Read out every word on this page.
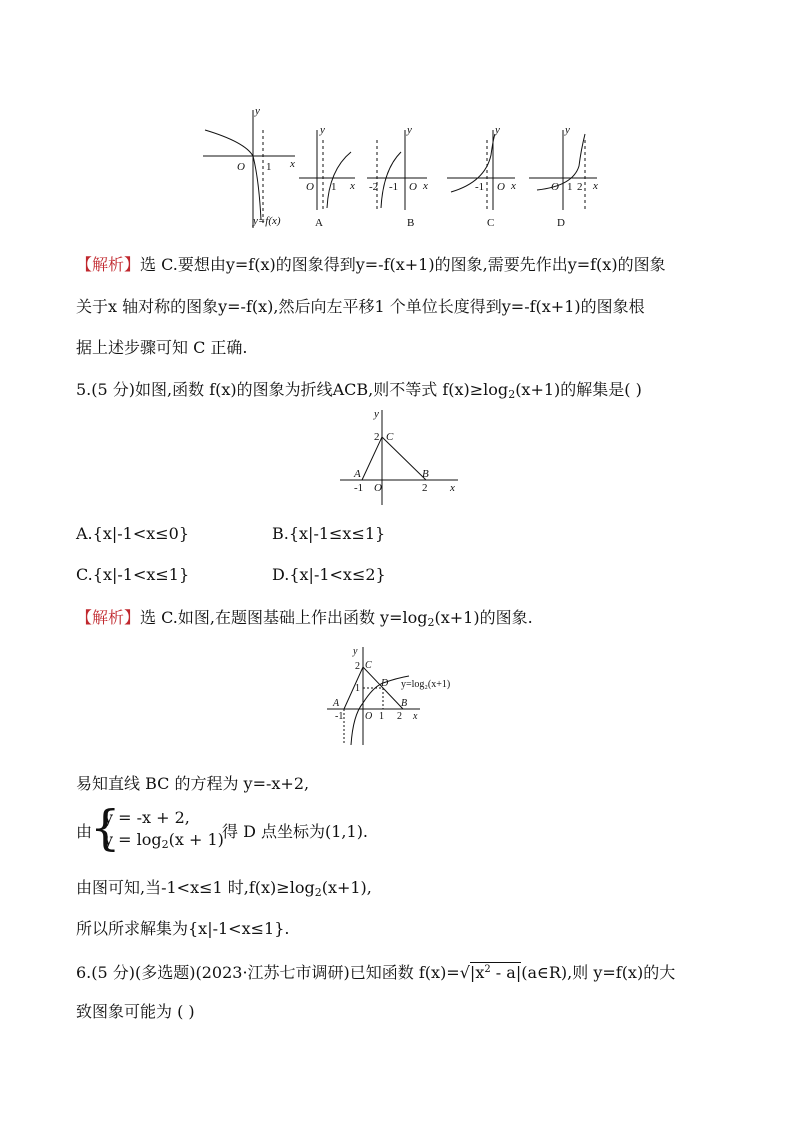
y
x
O
y=f(x)
y
x
y
x
y
x
y
x
1
O 1	-2 -1 O	-1 O	O 1 2
A	B	C	D
【解析】选 C.要想由y=f(x)的图象得到y=-f(x+1)的图象,需要先作出y=f(x)的图象
关于x 轴对称的图象y=-f(x),然后向左平移1 个单位长度得到y=-f(x+1)的图象根
据上述步骤可知 C 正确.
5.(5 分)如图,函数 f(x)的图象为折线ACB,则不等式 $f(x)\ge\log_2(x+1)$的解集是( )
y
x
O
A	B
C
2
-1	2
A.{x|-1<x≤0}	B.{x|-1≤x≤1}
C.{x|-1<x≤1}	D.{x|-1<x≤2}
【解析】选 C.如图,在题图基础上作出函数 $y=\log_2(x+1)$的图象.
y
x
O
A	B
C
D
2
1
-1	1 2
y=log₂(x+1)
易知直线 BC 的方程为 y=-x+2,
由
{
y = -x + 2,
$y = \log_2(x + 1)$
得 D 点坐标为(1,1).
由图可知,当-1<x≤1 时$,f(x)\ge\log_2(x+1)$,
所以所求解集为{x|-1<x≤1}.
6.(5 分)(多选题)(2023·江苏七市调研)已知函数 $f(x)=√|x^2$ - a|(a∈R),则 y=f(x)的大
致图象可能为 ( )
